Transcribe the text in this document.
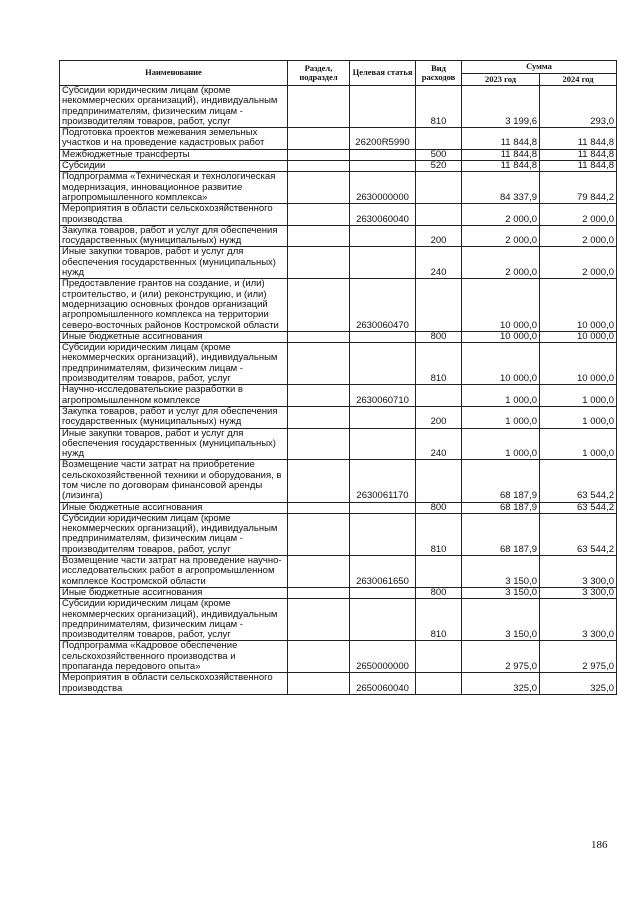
Наименование	Раздел, подраздел	Целевая статья	Вид расходов	Сумма	
				2023 год	2024 год
Субсидии юридическим лицам (кроме некоммерческих организаций), индивидуальным предпринимателям, физическим лицам - производителям товаров, работ, услуг			810	3 199,6	293,0
Подготовка проектов межевания земельных участков и на проведение кадастровых работ		26200R5990		11 844,8	11 844,8
Межбюджетные трансферты			500	11 844,8	11 844,8
Субсидии			520	11 844,8	11 844,8
Подпрограмма «Техническая и технологическая модернизация, инновационное развитие агропромышленного комплекса»		2630000000		84 337,9	79 844,2
Мероприятия в области сельскохозяйственного производства		2630060040		2 000,0	2 000,0
Закупка товаров, работ и услуг для обеспечения государственных (муниципальных) нужд			200	2 000,0	2 000,0
Иные закупки товаров, работ и услуг для обеспечения государственных (муниципальных) нужд			240	2 000,0	2 000,0
Предоставление грантов на создание, и (или) строительство, и (или) реконструкцию, и (или) модернизацию основных фондов организаций агропромышленного комплекса на территории северо-восточных районов Костромской области		2630060470		10 000,0	10 000,0
Иные бюджетные ассигнования			800	10 000,0	10 000,0
Субсидии юридическим лицам (кроме некоммерческих организаций), индивидуальным предпринимателям, физическим лицам - производителям товаров, работ, услуг			810	10 000,0	10 000,0
Научно-исследовательские разработки в агропромышленном комплексе		2630060710		1 000,0	1 000,0
Закупка товаров, работ и услуг для обеспечения государственных (муниципальных) нужд			200	1 000,0	1 000,0
Иные закупки товаров, работ и услуг для обеспечения государственных (муниципальных) нужд			240	1 000,0	1 000,0
Возмещение части затрат на приобретение сельскохозяйственной техники и оборудования, в том числе по договорам финансовой аренды (лизинга)		2630061170		68 187,9	63 544,2
Иные бюджетные ассигнования			800	68 187,9	63 544,2
Субсидии юридическим лицам (кроме некоммерческих организаций), индивидуальным предпринимателям, физическим лицам - производителям товаров, работ, услуг			810	68 187,9	63 544,2
Возмещение части затрат на проведение научно-исследовательских работ в агропромышленном комплексе Костромской области		2630061650		3 150,0	3 300,0
Иные бюджетные ассигнования			800	3 150,0	3 300,0
Субсидии юридическим лицам (кроме некоммерческих организаций), индивидуальным предпринимателям, физическим лицам - производителям товаров, работ, услуг			810	3 150,0	3 300,0
Подпрограмма «Кадровое обеспечение сельскохозяйственного производства и пропаганда передового опыта»		2650000000		2 975,0	2 975,0
Мероприятия в области сельскохозяйственного производства		2650060040		325,0	325,0
186
